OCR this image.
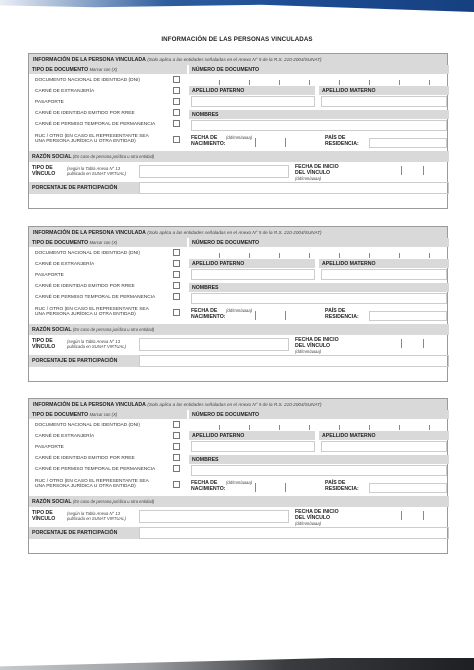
INFORMACIÓN DE LAS PERSONAS VINCULADAS
INFORMACIÓN DE LA PERSONA VINCULADA (Solo aplica a las entidades señaladas en el Anexo N° 5 de la R.S. 210-2004/SUNAT)
TIPO DE DOCUMENTO Marcar con (X)
DOCUMENTO NACIONAL DE IDENTIDAD (DNI)
CARNÉ DE EXTRANJERÍA
PASAPORTE
CARNÉ DE IDENTIDAD EMITIDO POR RREE
CARNÉ DE PERMISO TEMPORAL DE PERMANENCIA
RUC / OTRO (EN CASO EL REPRESENTANTE SEA
UNA PERSONA JURÍDICA U OTRA ENTIDAD)
NÚMERO DE DOCUMENTO
APELLIDO PATERNO	APELLIDO MATERNO
NOMBRES
FECHA DE
NACIMIENTO:
(dd/mm/aaaa)	PAÍS DE
RESIDENCIA:
RAZÓN SOCIAL (En caso de persona jurídica u otra entidad)
TIPO DE
VÍNCULO
(según la Tabla Anexa N° 13
publicada en SUNAT VIRTUAL)
FECHA DE INICIO
DEL VÍNCULO (dd/mm/aaaa)
PORCENTAJE DE PARTICIPACIÓN
INFORMACIÓN DE LA PERSONA VINCULADA (Solo aplica a las entidades señaladas en el Anexo N° 5 de la R.S. 210-2004/SUNAT)
TIPO DE DOCUMENTO Marcar con (X)
DOCUMENTO NACIONAL DE IDENTIDAD (DNI)
CARNÉ DE EXTRANJERÍA
PASAPORTE
CARNÉ DE IDENTIDAD EMITIDO POR RREE
CARNÉ DE PERMISO TEMPORAL DE PERMANENCIA
RUC / OTRO (EN CASO EL REPRESENTANTE SEA
UNA PERSONA JURÍDICA U OTRA ENTIDAD)
NÚMERO DE DOCUMENTO
APELLIDO PATERNO	APELLIDO MATERNO
NOMBRES
FECHA DE
NACIMIENTO:
(dd/mm/aaaa)	PAÍS DE
RESIDENCIA:
RAZÓN SOCIAL (En caso de persona jurídica u otra entidad)
TIPO DE
VÍNCULO
(según la Tabla Anexa N° 13
publicada en SUNAT VIRTUAL)
FECHA DE INICIO
DEL VÍNCULO (dd/mm/aaaa)
PORCENTAJE DE PARTICIPACIÓN
INFORMACIÓN DE LA PERSONA VINCULADA (Solo aplica a las entidades señaladas en el Anexo N° 5 de la R.S. 210-2004/SUNAT)
TIPO DE DOCUMENTO Marcar con (X)
DOCUMENTO NACIONAL DE IDENTIDAD (DNI)
CARNÉ DE EXTRANJERÍA
PASAPORTE
CARNÉ DE IDENTIDAD EMITIDO POR RREE
CARNÉ DE PERMISO TEMPORAL DE PERMANENCIA
RUC / OTRO (EN CASO EL REPRESENTANTE SEA
UNA PERSONA JURÍDICA U OTRA ENTIDAD)
NÚMERO DE DOCUMENTO
APELLIDO PATERNO	APELLIDO MATERNO
NOMBRES
FECHA DE
NACIMIENTO:
(dd/mm/aaaa)	PAÍS DE
RESIDENCIA:
RAZÓN SOCIAL (En caso de persona jurídica u otra entidad)
TIPO DE
VÍNCULO
(según la Tabla Anexa N° 13
publicada en SUNAT VIRTUAL)
FECHA DE INICIO
DEL VÍNCULO (dd/mm/aaaa)
PORCENTAJE DE PARTICIPACIÓN
